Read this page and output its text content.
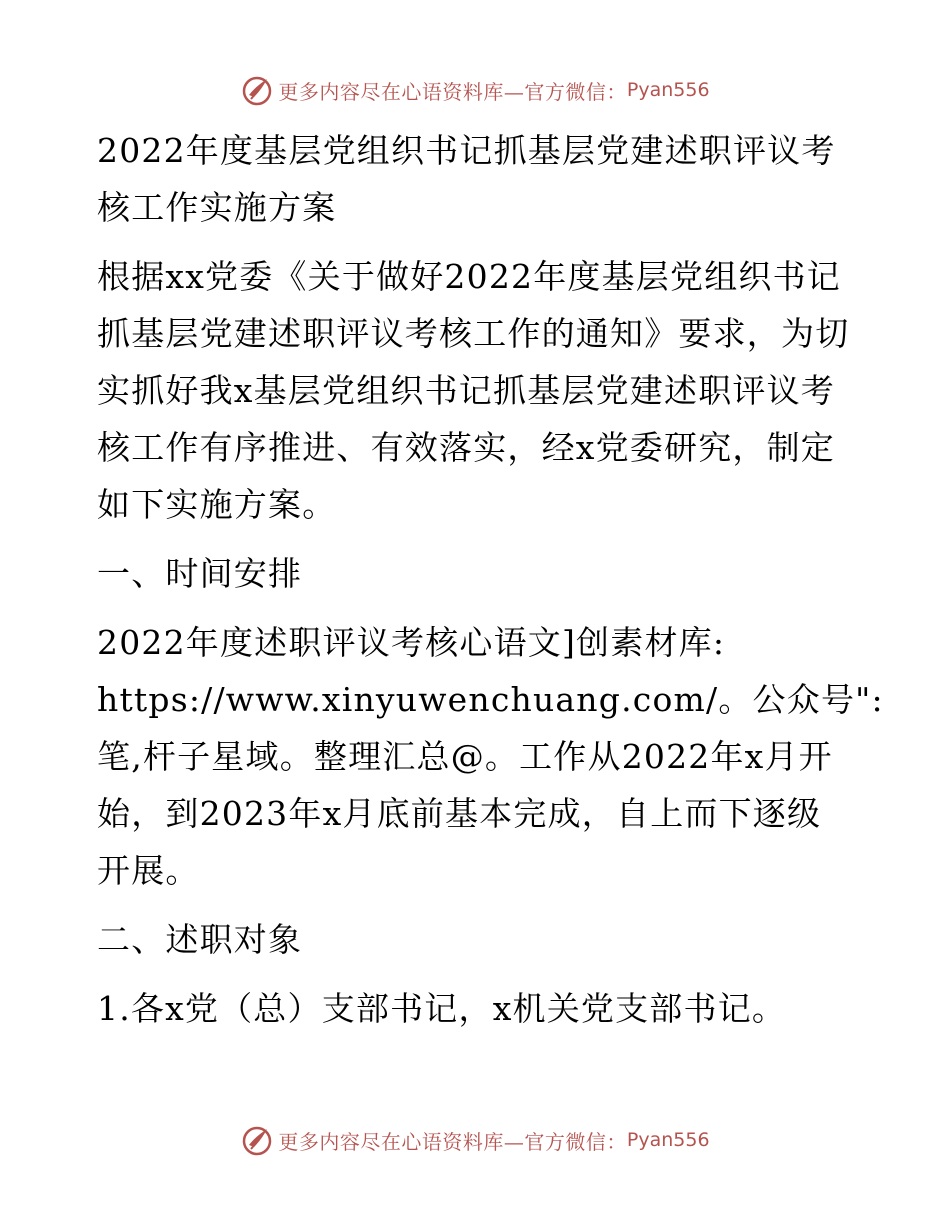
更多内容尽在心语资料库—官方微信： Pyan556
2022年度基层党组织书记抓基层党建述职评议考
核工作实施方案
根据xx党委《关于做好2022年度基层党组织书记
抓基层党建述职评议考核工作的通知》要求，为切
实抓好我x基层党组织书记抓基层党建述职评议考
核工作有序推进、有效落实，经x党委研究，制定
如下实施方案。
一、时间安排
2022年度述职评议考核心语文]创素材库:
https://www.xinyuwenchuang.com/。公众号":
笔,杆子星域。整理汇总@。工作从2022年x月开
始，到2023年x月底前基本完成，自上而下逐级
开展。
二、述职对象
1.各x党（总）支部书记，x机关党支部书记。
更多内容尽在心语资料库—官方微信： Pyan556
